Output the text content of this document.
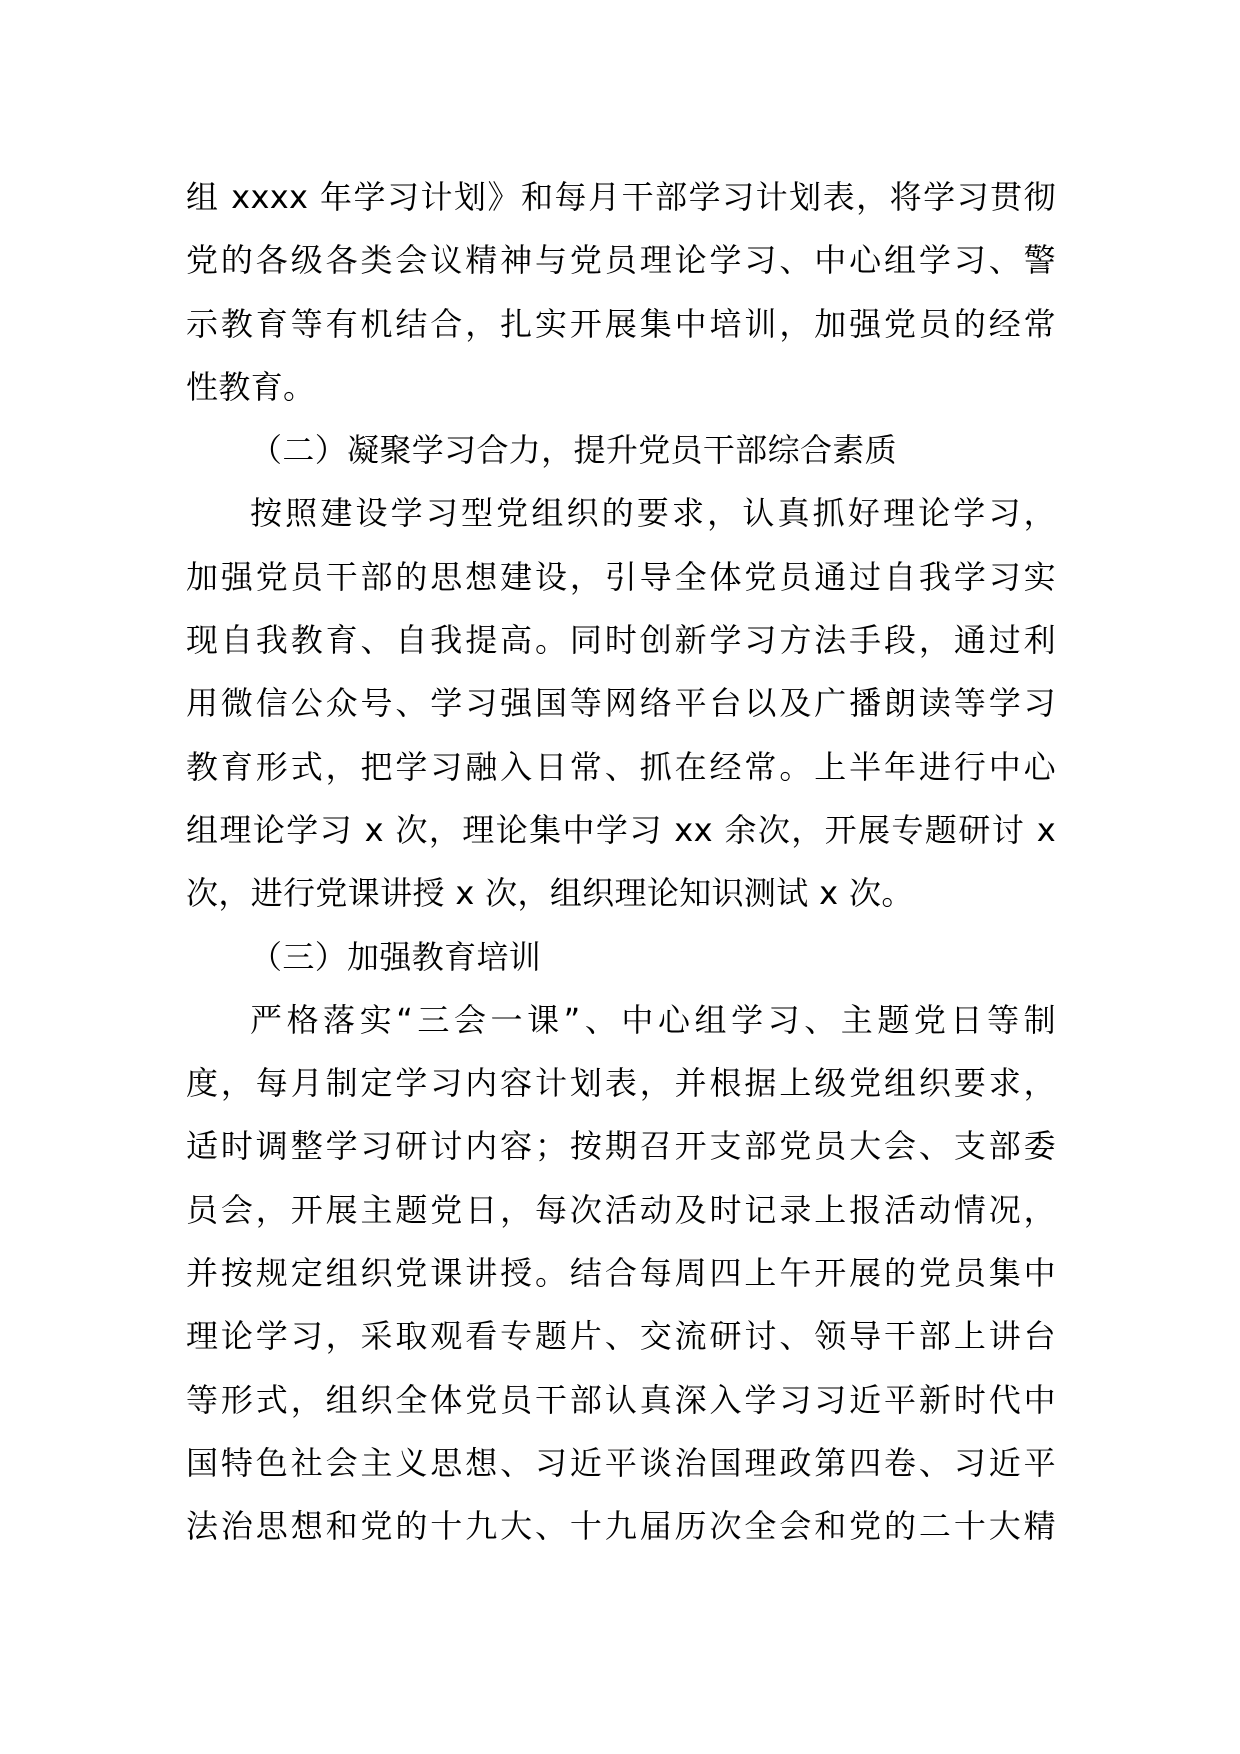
组 xxxx 年学习计划》和每月干部学习计划表，将学习贯彻
党的各级各类会议精神与党员理论学习、中心组学习、警
示教育等有机结合，扎实开展集中培训，加强党员的经常
性教育。
（二）凝聚学习合力，提升党员干部综合素质
按照建设学习型党组织的要求，认真抓好理论学习，
加强党员干部的思想建设，引导全体党员通过自我学习实
现自我教育、自我提高。同时创新学习方法手段，通过利
用微信公众号、学习强国等网络平台以及广播朗读等学习
教育形式，把学习融入日常、抓在经常。上半年进行中心
组理论学习 x 次，理论集中学习 xx 余次，开展专题研讨 x
次，进行党课讲授 x 次，组织理论知识测试 x 次。
（三）加强教育培训
严格落实“三会一课”、中心组学习、主题党日等制
度，每月制定学习内容计划表，并根据上级党组织要求，
适时调整学习研讨内容；按期召开支部党员大会、支部委
员会，开展主题党日，每次活动及时记录上报活动情况，
并按规定组织党课讲授。结合每周四上午开展的党员集中
理论学习，采取观看专题片、交流研讨、领导干部上讲台
等形式，组织全体党员干部认真深入学习习近平新时代中
国特色社会主义思想、习近平谈治国理政第四卷、习近平
法治思想和党的十九大、十九届历次全会和党的二十大精
